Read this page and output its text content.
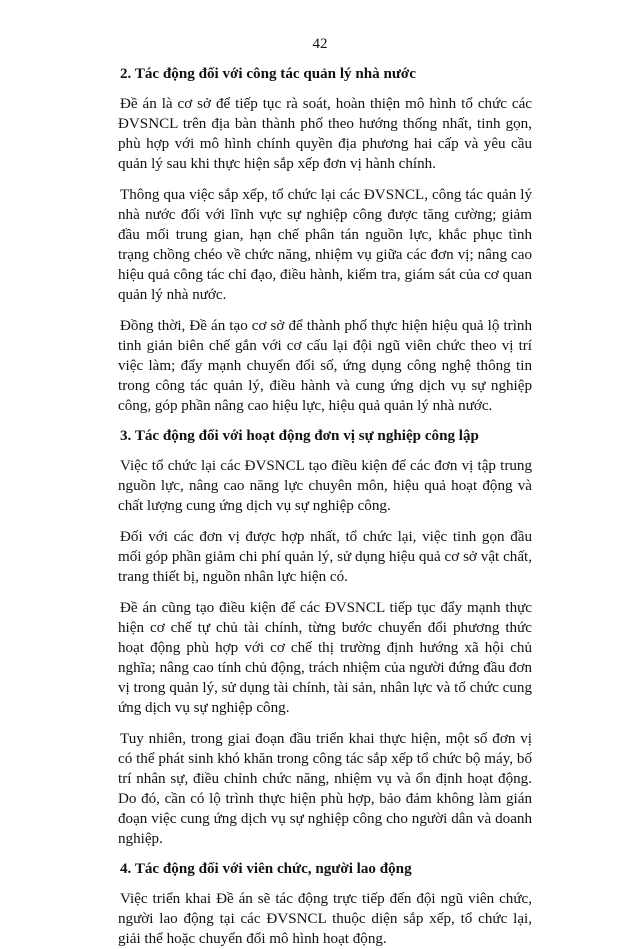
42
2. Tác động đối với công tác quản lý nhà nước

Đề án là cơ sở để tiếp tục rà soát, hoàn thiện mô hình tổ chức các ĐVSNCL trên địa bàn thành phố theo hướng thống nhất, tinh gọn, phù hợp với mô hình chính quyền địa phương hai cấp và yêu cầu quản lý sau khi thực hiện sắp xếp đơn vị hành chính.

Thông qua việc sắp xếp, tổ chức lại các ĐVSNCL, công tác quản lý nhà nước đối với lĩnh vực sự nghiệp công được tăng cường; giảm đầu mối trung gian, hạn chế phân tán nguồn lực, khắc phục tình trạng chồng chéo về chức năng, nhiệm vụ giữa các đơn vị; nâng cao hiệu quả công tác chỉ đạo, điều hành, kiểm tra, giám sát của cơ quan quản lý nhà nước.

Đồng thời, Đề án tạo cơ sở để thành phố thực hiện hiệu quả lộ trình tinh giản biên chế gắn với cơ cấu lại đội ngũ viên chức theo vị trí việc làm; đẩy mạnh chuyển đổi số, ứng dụng công nghệ thông tin trong công tác quản lý, điều hành và cung ứng dịch vụ sự nghiệp công, góp phần nâng cao hiệu lực, hiệu quả quản lý nhà nước.

3. Tác động đối với hoạt động đơn vị sự nghiệp công lập

Việc tổ chức lại các ĐVSNCL tạo điều kiện để các đơn vị tập trung nguồn lực, nâng cao năng lực chuyên môn, hiệu quả hoạt động và chất lượng cung ứng dịch vụ sự nghiệp công.

Đối với các đơn vị được hợp nhất, tổ chức lại, việc tinh gọn đầu mối góp phần giảm chi phí quản lý, sử dụng hiệu quả cơ sở vật chất, trang thiết bị, nguồn nhân lực hiện có.

Đề án cũng tạo điều kiện để các ĐVSNCL tiếp tục đẩy mạnh thực hiện cơ chế tự chủ tài chính, từng bước chuyển đổi phương thức hoạt động phù hợp với cơ chế thị trường định hướng xã hội chủ nghĩa; nâng cao tính chủ động, trách nhiệm của người đứng đầu đơn vị trong quản lý, sử dụng tài chính, tài sản, nhân lực và tổ chức cung ứng dịch vụ sự nghiệp công.

Tuy nhiên, trong giai đoạn đầu triển khai thực hiện, một số đơn vị có thể phát sinh khó khăn trong công tác sắp xếp tổ chức bộ máy, bố trí nhân sự, điều chỉnh chức năng, nhiệm vụ và ổn định hoạt động. Do đó, cần có lộ trình thực hiện phù hợp, bảo đảm không làm gián đoạn việc cung ứng dịch vụ sự nghiệp công cho người dân và doanh nghiệp.

4. Tác động đối với viên chức, người lao động

Việc triển khai Đề án sẽ tác động trực tiếp đến đội ngũ viên chức, người lao động tại các ĐVSNCL thuộc diện sắp xếp, tổ chức lại, giải thể hoặc chuyển đổi mô hình hoạt động.
